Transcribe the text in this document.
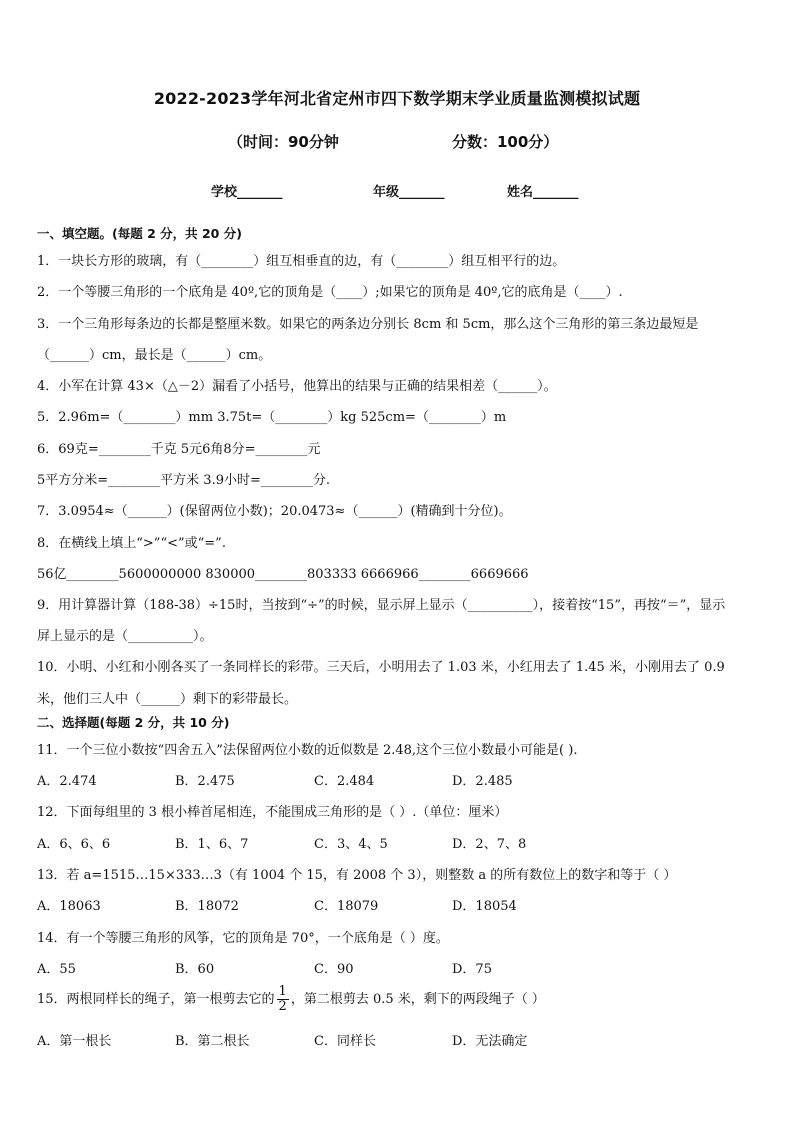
2022-2023学年河北省定州市四下数学期末学业质量监测模拟试题
（时间：90分钟	分数：100分）
学校_______	年级_______	姓名_______
一、填空题。(每题 2 分，共 20 分)
1．一块长方形的玻璃，有（________）组互相垂直的边，有（________）组互相平行的边。
2．一个等腰三角形的一个底角是 40º,它的顶角是（____）;如果它的顶角是 40º,它的底角是（____）.
3．一个三角形每条边的长都是整厘米数。如果它的两条边分别长 8cm 和 5cm，那么这个三角形的第三条边最短是
（______）cm，最长是（______）cm。
4．小军在计算 43×（△－2）漏看了小括号，他算出的结果与正确的结果相差（______）。
5．2.96m=（________）mm 3.75t=（________）kg 525cm=（________）m
6．69克=________千克 5元6角8分=________元
5平方分米=________平方米 3.9小时=________分.
7．3.0954≈（______）(保留两位小数)；20.0473≈（______）(精确到十分位)。
8．在横线上填上“>”“<”或“=”.
56亿________5600000000 830000________803333 6666966________6669666
9．用计算器计算（188-38）÷15时，当按到“÷”的时候，显示屏上显示（__________），接着按“15”，再按“＝”，显示
屏上显示的是（__________）。
10．小明、小红和小刚各买了一条同样长的彩带。三天后，小明用去了 1.03 米，小红用去了 1.45 米，小刚用去了 0.9
米，他们三人中（______）剩下的彩带最长。
二、选择题(每题 2 分，共 10 分)
11．一个三位小数按“四舍五入”法保留两位小数的近似数是 2.48,这个三位小数最小可能是( ).
A．2.474	B．2.475	C．2.484	D．2.485
12．下面每组里的 3 根小棒首尾相连，不能围成三角形的是（ ）.（单位：厘米）
A．6、6、6	B．1、6、7	C．3、4、5	D．2、7、8
13．若 a=1515…15×333…3（有 1004 个 15，有 2008 个 3），则整数 a 的所有数位上的数字和等于（ ）
A．18063	B．18072	C．18079	D．18054
14．有一个等腰三角形的风筝，它的顶角是 70°，一个底角是（ ）度。
A．55	B．60	C．90	D．75
15．两根同样长的绳子，第一根剪去它的 $\frac{1}{2}$ ，第二根剪去 0.5 米，剩下的两段绳子（ ）
A．第一根长	B．第二根长	C．同样长	D．无法确定
